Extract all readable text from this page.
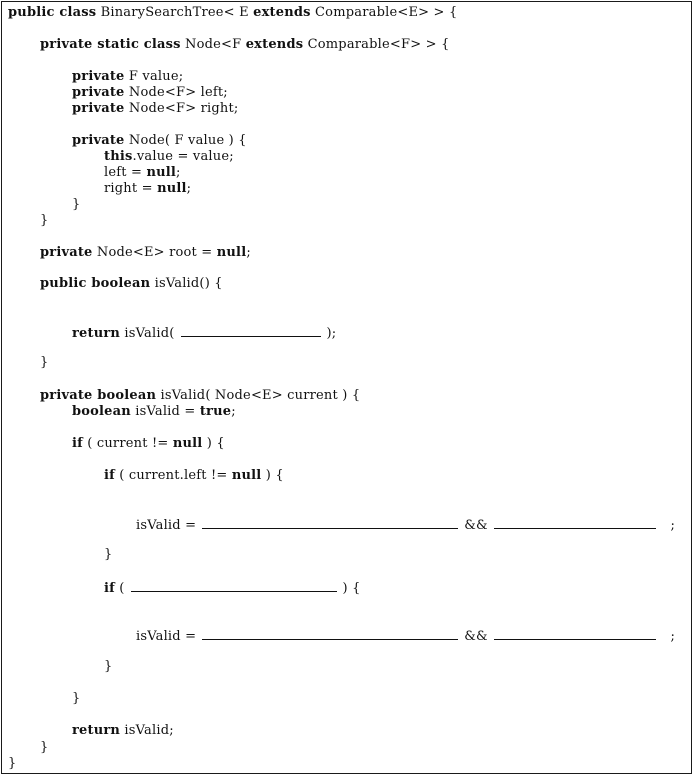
public class BinarySearchTree< E extends Comparable<E> > {
private static class Node<F extends Comparable<F> > {
private F value;
private Node<F> left;
private Node<F> right;
private Node( F value ) {
this.value = value;
left = null;
right = null;
}
}
private Node<E> root = null;
public boolean isValid() {
return isValid(	);
}
private boolean isValid( Node<E> current ) {
boolean isValid = true;
if ( current != null ) {
if ( current.left != null ) {
isValid =	&&	;
}
if (	) {
isValid =	&&	;
}
}
return isValid;
}
}
